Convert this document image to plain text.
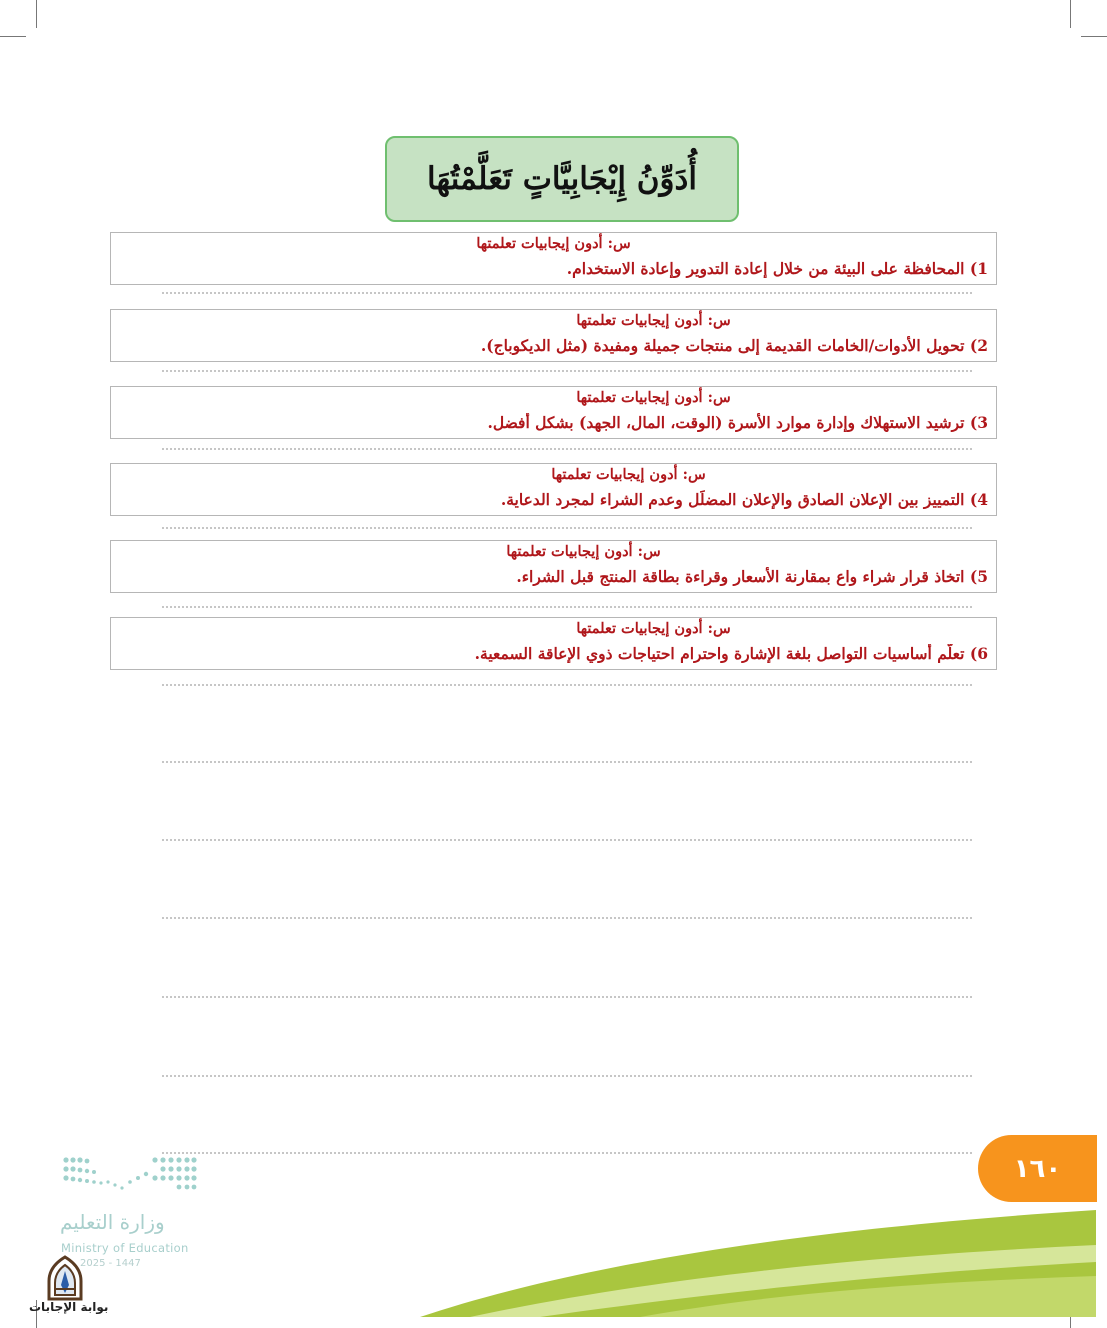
أُدَوِّنُ إِيْجَابِيَّاتٍ تَعَلَّمْتُهَا
س: أدون إيجابيات تعلمتها
1) المحافظة على البيئة من خلال إعادة التدوير وإعادة الاستخدام.
س: أدون إيجابيات تعلمتها
2) تحويل الأدوات/الخامات القديمة إلى منتجات جميلة ومفيدة (مثل الديكوباج).
س: أدون إيجابيات تعلمتها
3) ترشيد الاستهلاك وإدارة موارد الأسرة (الوقت، المال، الجهد) بشكل أفضل.
س: أدون إيجابيات تعلمتها
4) التمييز بين الإعلان الصادق والإعلان المضلِّل وعدم الشراء لمجرد الدعاية.
س: أدون إيجابيات تعلمتها
5) اتخاذ قرار شراء واعٍ بمقارنة الأسعار وقراءة بطاقة المنتج قبل الشراء.
س: أدون إيجابيات تعلمتها
6) تعلّم أساسيات التواصل بلغة الإشارة واحترام احتياجات ذوي الإعاقة السمعية.
١٦٠
وزارة التعليم
Ministry of Education
2025 - 1447
بوابة الإجابات
